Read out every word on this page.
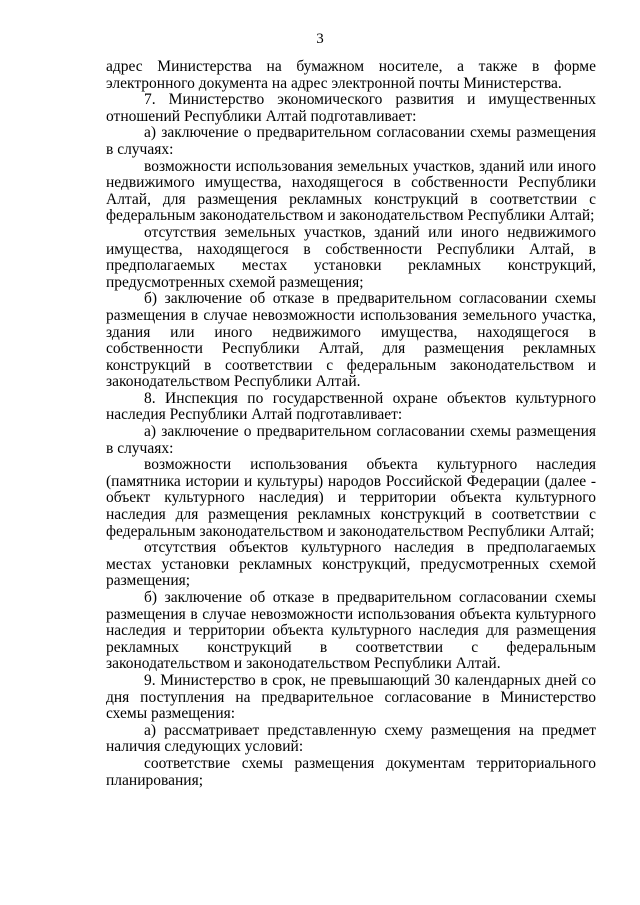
3

адрес Министерства на бумажном носителе, а также в форме электронного документа на адрес электронной почты Министерства.

7. Министерство экономического развития и имущественных отношений Республики Алтай подготавливает:

а) заключение о предварительном согласовании схемы размещения в случаях:

возможности использования земельных участков, зданий или иного недвижимого имущества, находящегося в собственности Республики Алтай, для размещения рекламных конструкций в соответствии с федеральным законодательством и законодательством Республики Алтай;

отсутствия земельных участков, зданий или иного недвижимого имущества, находящегося в собственности Республики Алтай, в предполагаемых местах установки рекламных конструкций, предусмотренных схемой размещения;

б) заключение об отказе в предварительном согласовании схемы размещения в случае невозможности использования земельного участка, здания или иного недвижимого имущества, находящегося в собственности Республики Алтай, для размещения рекламных конструкций в соответствии с федеральным законодательством и законодательством Республики Алтай.

8. Инспекция по государственной охране объектов культурного наследия Республики Алтай подготавливает:

а) заключение о предварительном согласовании схемы размещения в случаях:

возможности использования объекта культурного наследия (памятника истории и культуры) народов Российской Федерации (далее - объект культурного наследия) и территории объекта культурного наследия для размещения рекламных конструкций в соответствии с федеральным законодательством и законодательством Республики Алтай;

отсутствия объектов культурного наследия в предполагаемых местах установки рекламных конструкций, предусмотренных схемой размещения;

б) заключение об отказе в предварительном согласовании схемы размещения в случае невозможности использования объекта культурного наследия и территории объекта культурного наследия для размещения рекламных конструкций в соответствии с федеральным законодательством и законодательством Республики Алтай.

9. Министерство в срок, не превышающий 30 календарных дней со дня поступления на предварительное согласование в Министерство схемы размещения:

а) рассматривает представленную схему размещения на предмет наличия следующих условий:

соответствие схемы размещения документам территориального планирования;
